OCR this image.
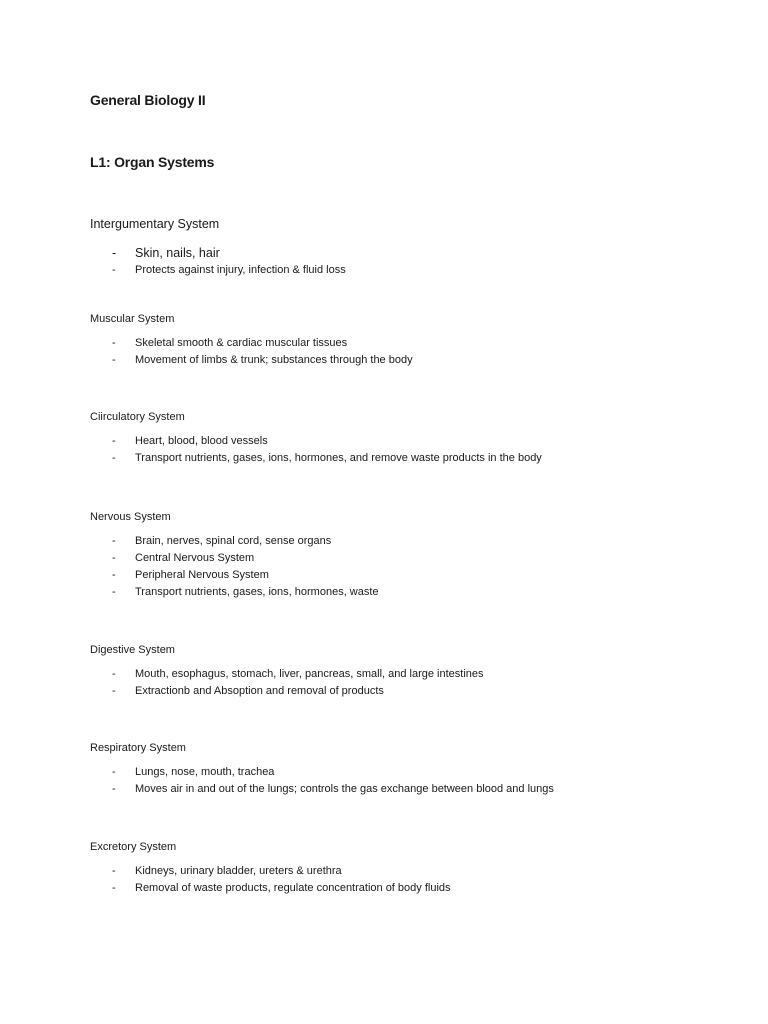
General Biology II
L1: Organ Systems
Intergumentary System
- Skin, nails, hair
- Protects against injury, infection & fluid loss
Muscular System
- Skeletal smooth & cardiac muscular tissues
- Movement of limbs & trunk; substances through the body
Ciirculatory System
- Heart, blood, blood vessels
- Transport nutrients, gases, ions, hormones, and remove waste products in the body
Nervous System
- Brain, nerves, spinal cord, sense organs
- Central Nervous System
- Peripheral Nervous System
- Transport nutrients, gases, ions, hormones, waste
Digestive System
- Mouth, esophagus, stomach, liver, pancreas, small, and large intestines
- Extractionb and Absoption and removal of products
Respiratory System
- Lungs, nose, mouth, trachea
- Moves air in and out of the lungs; controls the gas exchange between blood and lungs
Excretory System
- Kidneys, urinary bladder, ureters & urethra
- Removal of waste products, regulate concentration of body fluids
